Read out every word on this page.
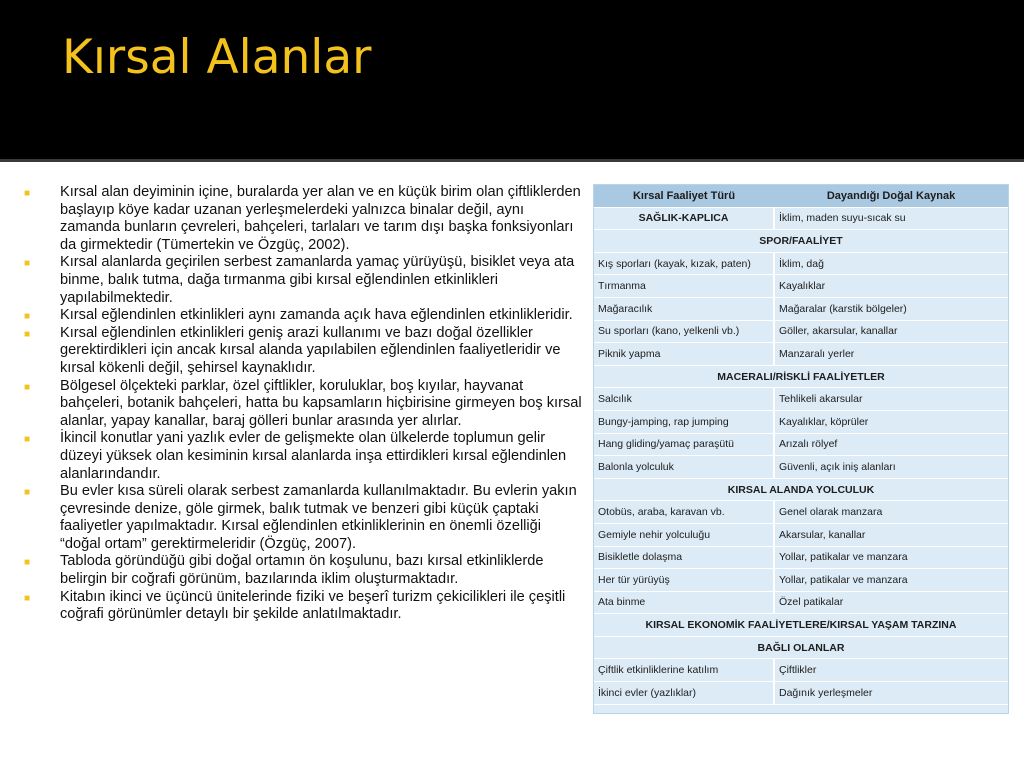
Kırsal Alanlar
■ Kırsal alan deyiminin içine, buralarda yer alan ve en küçük birim olan çiftliklerden başlayıp köye kadar uzanan yerleşmelerdeki yalnızca binalar değil, aynı zamanda bunların çevreleri, bahçeleri, tarlaları ve tarım dışı başka fonksiyonları da girmektedir (Tümertekin ve Özgüç, 2002).
■ Kırsal alanlarda geçirilen serbest zamanlarda yamaç yürüyüşü, bisiklet veya ata binme, balık tutma, dağa tırmanma gibi kırsal eğlendinlen etkinlikleri yapılabilmektedir.
■ Kırsal eğlendinlen etkinlikleri aynı zamanda açık hava eğlendinlen etkinlikleridir.
■ Kırsal eğlendinlen etkinlikleri geniş arazi kullanımı ve bazı doğal özellikler gerektirdikleri için ancak kırsal alanda yapılabilen eğlendinlen faaliyetleridir ve kırsal kökenli değil, şehirsel kaynaklıdır.
■ Bölgesel ölçekteki parklar, özel çiftlikler, koruluklar, boş kıyılar, hayvanat bahçeleri, botanik bahçeleri, hatta bu kapsamların hiçbirisine girmeyen boş kırsal alanlar, yapay kanallar, baraj gölleri bunlar arasında yer alırlar.
■ İkincil konutlar yani yazlık evler de gelişmekte olan ülkelerde toplumun gelir düzeyi yüksek olan kesiminin kırsal alanlarda inşa ettirdikleri kırsal eğlendinlen alanlarındandır.
■ Bu evler kısa süreli olarak serbest zamanlarda kullanılmaktadır. Bu evlerin yakın çevresinde denize, göle girmek, balık tutmak ve benzeri gibi küçük çaptaki faaliyetler yapılmaktadır. Kırsal eğlendinlen etkinliklerinin en önemli özelliği “doğal ortam” gerektirmeleridir (Özgüç, 2007).
■ Tabloda göründüğü gibi doğal ortamın ön koşulunu, bazı kırsal etkinliklerde belirgin bir coğrafi görünüm, bazılarında iklim oluşturmaktadır.
■ Kitabın ikinci ve üçüncü ünitelerinde fiziki ve beşerî turizm çekicilikleri ile çeşitli coğrafi görünümler detaylı bir şekilde anlatılmaktadır.
Kırsal Faaliyet Türü	Dayandığı Doğal Kaynak
SAĞLIK-KAPLICA	İklim, maden suyu-sıcak su
SPOR/FAALİYET	
Kış sporları (kayak, kızak, paten)	İklim, dağ
Tırmanma	Kayalıklar
Mağaracılık	Mağaralar (karstik bölgeler)
Su sporları (kano, yelkenli vb.)	Göller, akarsular, kanallar
Piknik yapma	Manzaralı yerler
MACERALI/RİSKLİ FAALİYETLER	
Salcılık	Tehlikeli akarsular
Bungy-jamping, rap jumping	Kayalıklar, köprüler
Hang gliding/yamaç paraşütü	Arızalı rölyef
Balonla yolculuk	Güvenli, açık iniş alanları
KIRSAL ALANDA YOLCULUK	
Otobüs, araba, karavan vb.	Genel olarak manzara
Gemiyle nehir yolculuğu	Akarsular, kanallar
Bisikletle dolaşma	Yollar, patikalar ve manzara
Her tür yürüyüş	Yollar, patikalar ve manzara
Ata binme	Özel patikalar
KIRSAL EKONOMİK FAALİYETLERE/KIRSAL YAŞAM TARZINA	
BAĞLI OLANLAR	
Çiftlik etkinliklerine katılım	Çiftlikler
İkinci evler (yazlıklar)	Dağınık yerleşmeler
